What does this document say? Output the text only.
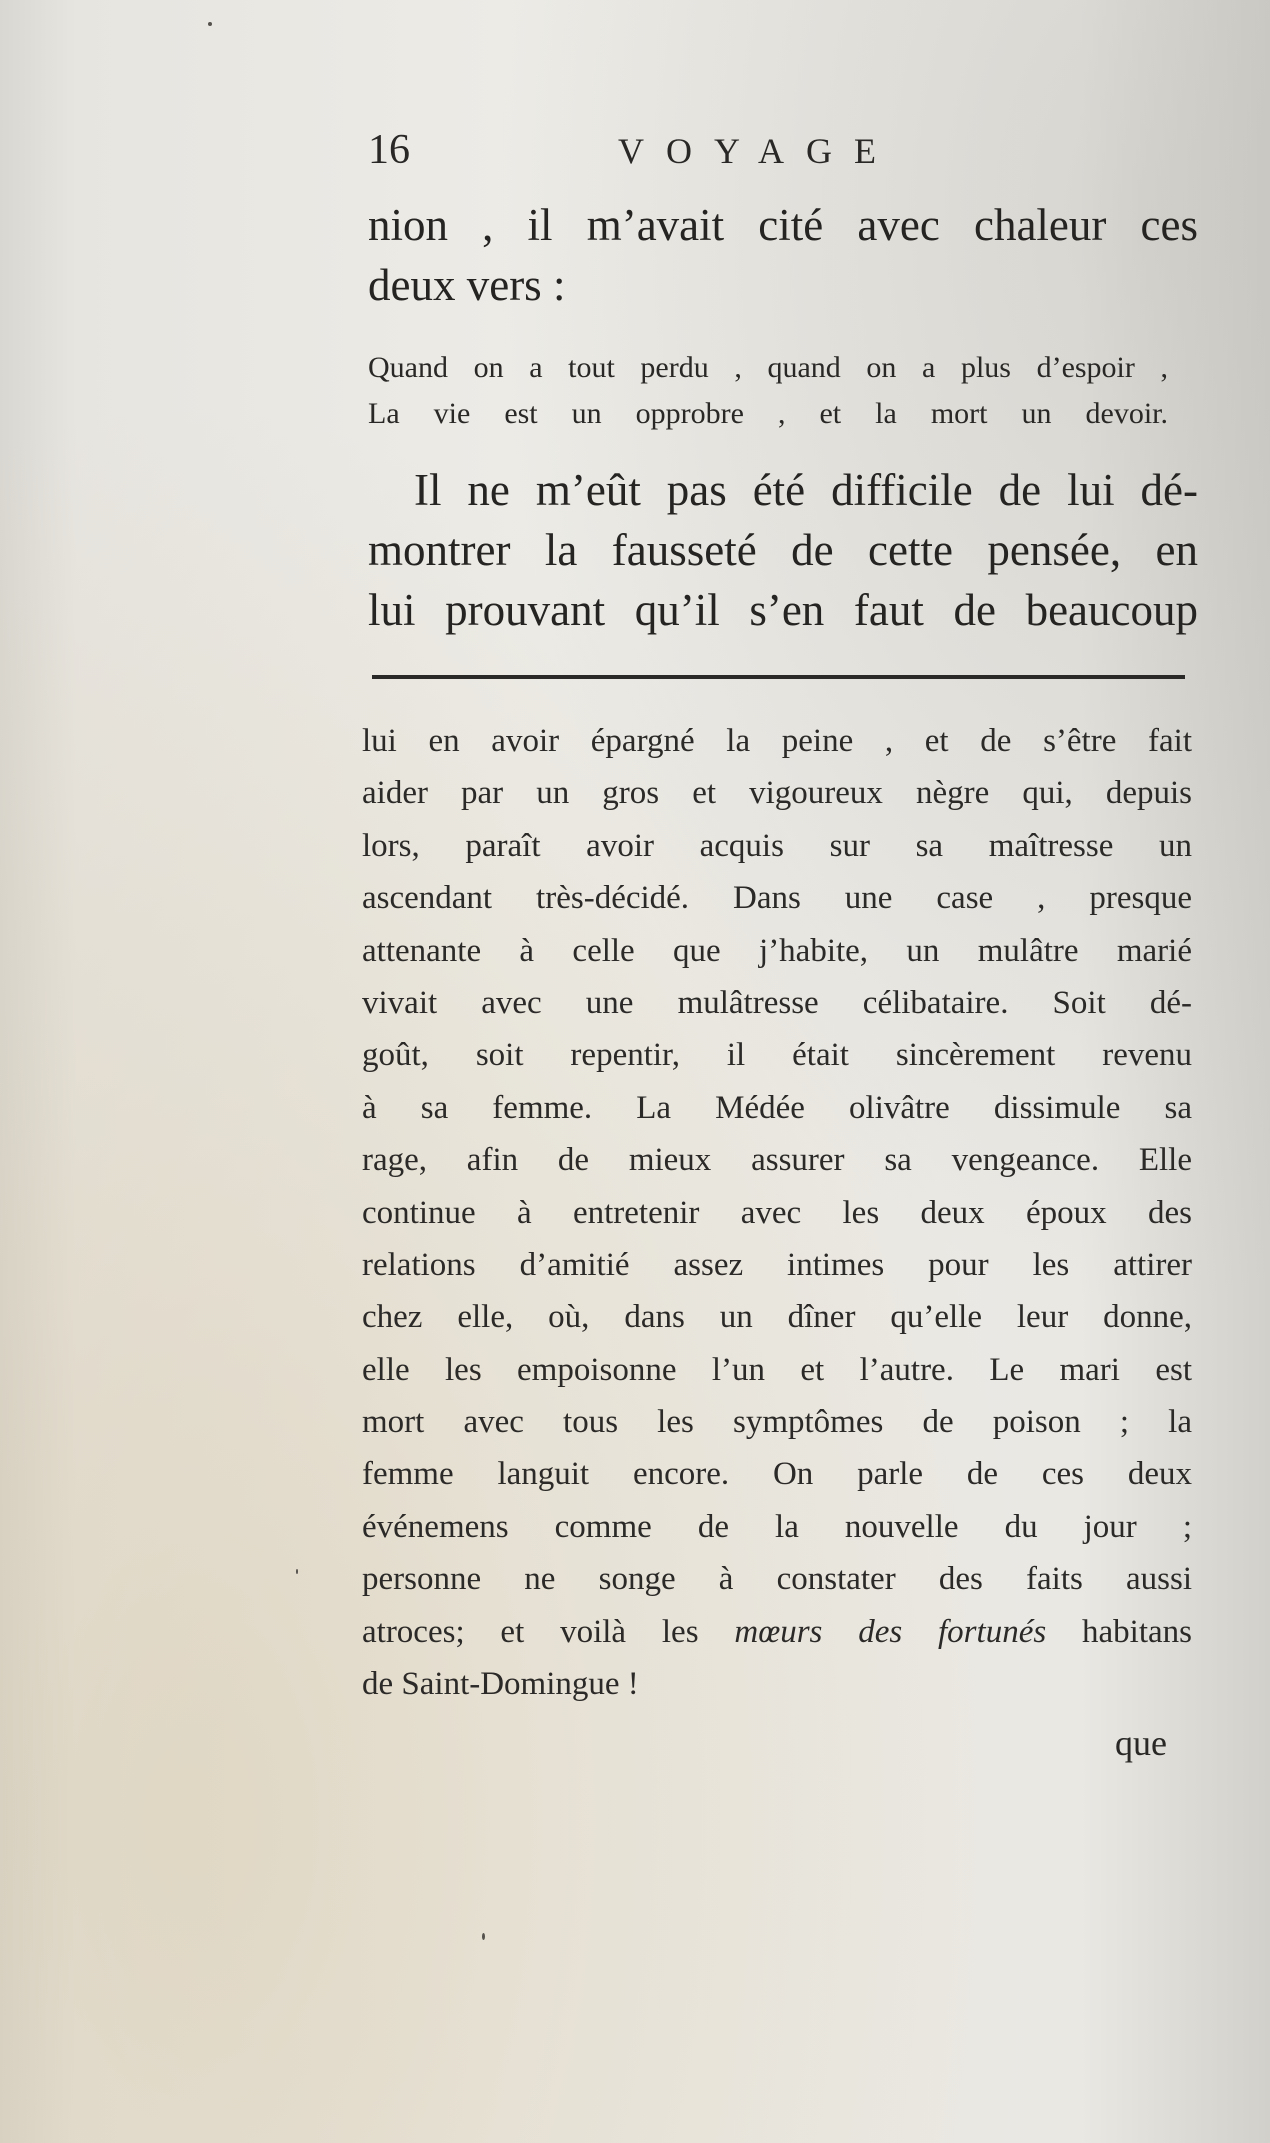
16	VOYAGE
nion , il m’avait cité avec chaleur ces
deux vers :
Quand on a tout perdu , quand on a plus d’espoir ,
La vie est un opprobre , et la mort un devoir.
Il ne m’eût pas été difficile de lui dé-
montrer la fausseté de cette pensée, en
lui prouvant qu’il s’en faut de beaucoup
lui en avoir épargné la peine , et de s’être fait
aider par un gros et vigoureux nègre qui, depuis
lors, paraît avoir acquis sur sa maîtresse un
ascendant très-décidé. Dans une case , presque
attenante à celle que j’habite, un mulâtre marié
vivait avec une mulâtresse célibataire. Soit dé-
goût, soit repentir, il était sincèrement revenu
à sa femme. La Médée olivâtre dissimule sa
rage, afin de mieux assurer sa vengeance. Elle
continue à entretenir avec les deux époux des
relations d’amitié assez intimes pour les attirer
chez elle, où, dans un dîner qu’elle leur donne,
elle les empoisonne l’un et l’autre. Le mari est
mort avec tous les symptômes de poison ; la
femme languit encore. On parle de ces deux
événemens comme de la nouvelle du jour ;
personne ne songe à constater des faits aussi
atroces; et voilà les mœurs des fortunés habitans
de Saint-Domingue !
que
